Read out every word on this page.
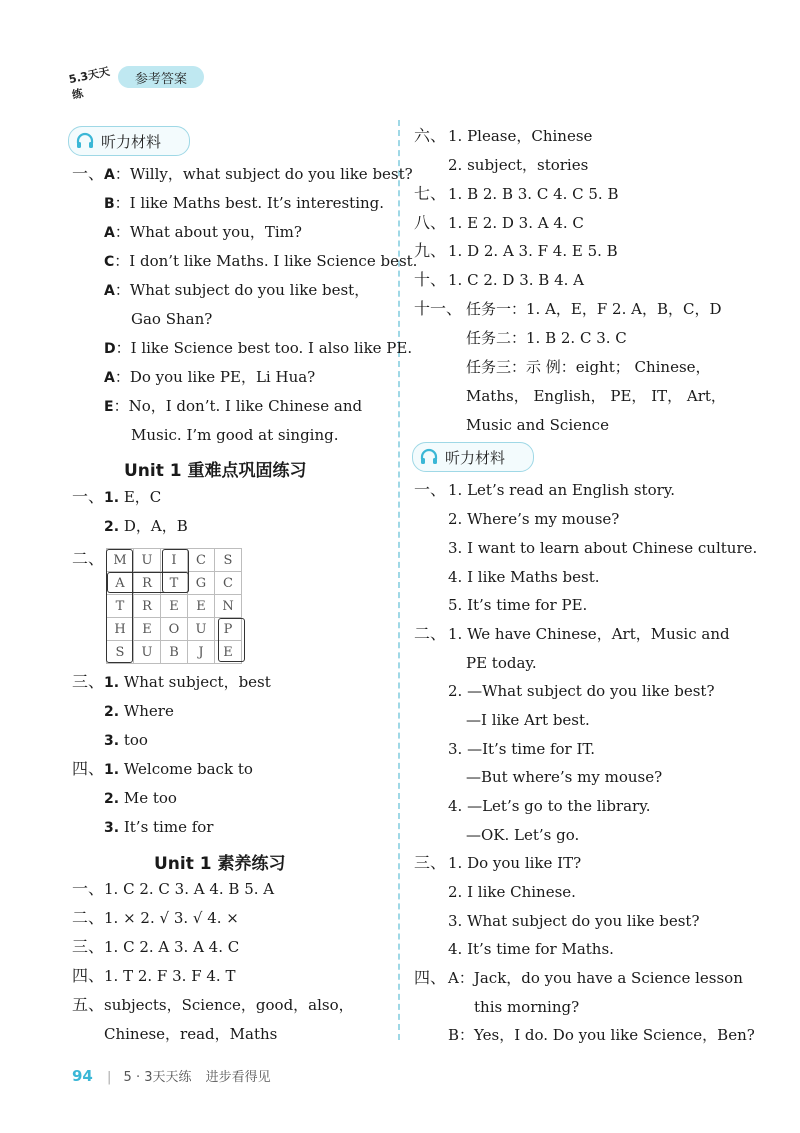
5.3天天练
参考答案
听力材料
一、 A：Willy，what subject do you like best?
B：I like Maths best. It’s interesting.
A：What about you，Tim?
C：I don’t like Maths. I like Science best.
A：What subject do you like best，
Gao Shan?
D：I like Science best too. I also like PE.
A：Do you like PE，Li Hua?
E：No，I don’t. I like Chinese and
Music. I’m good at singing.
Unit 1 重难点巩固练习
一、 1. E，C
2. D，A，B
二、
三、 1. What subject，best
2. Where
3. too
四、 1. Welcome back to
2. Me too
3. It’s time for
M	U	I	C	S
A	R	T	G	C
T	R	E	E	N
H	E	O	U	P
S	U	B	J	E
Unit 1 素养练习
一、 1. C 2. C 3. A 4. B 5. A
二、 1. × 2. √ 3. √ 4. ×
三、 1. C 2. A 3. A 4. C
四、 1. T 2. F 3. F 4. T
五、 subjects，Science，good，also，
Chinese，read，Maths
六、 1. Please，Chinese
2. subject，stories
七、 1. B 2. B 3. C 4. C 5. B
八、 1. E 2. D 3. A 4. C
九、 1. D 2. A 3. F 4. E 5. B
十、 1. C 2. D 3. B 4. A
十一、 任务一：1. A，E，F 2. A，B，C，D
任务二：1. B 2. C 3. C
任务三：示 例：eight； Chinese，
Maths， English， PE， IT， Art，
Music and Science
听力材料
一、 1. Let’s read an English story.
2. Where’s my mouse?
3. I want to learn about Chinese culture.
4. I like Maths best.
5. It’s time for PE.
二、 1. We have Chinese，Art，Music and
PE today.
2. —What subject do you like best?
—I like Art best.
3. —It’s time for IT.
—But where’s my mouse?
4. —Let’s go to the library.
—OK. Let’s go.
三、 1. Do you like IT?
2. I like Chinese.
3. What subject do you like best?
4. It’s time for Maths.
四、 A：Jack，do you have a Science lesson
this morning?
B：Yes，I do. Do you like Science，Ben?
94 | 5 · 3天天练 进步看得见
